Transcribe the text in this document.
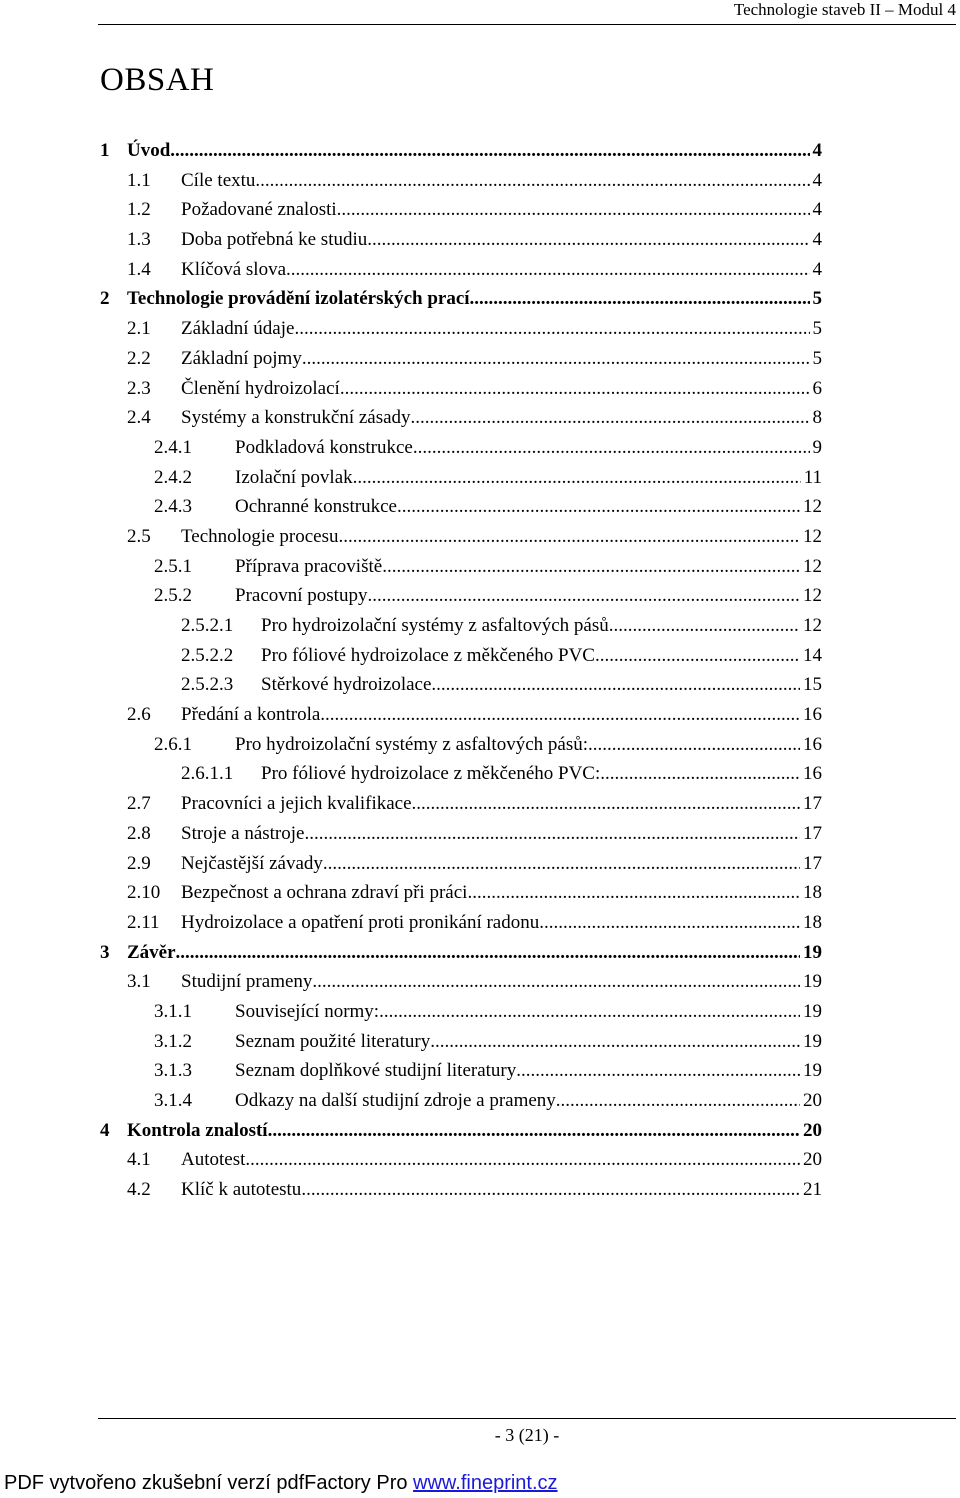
Technologie staveb II – Modul 4
OBSAH
1 Úvod .....	4
1.1 Cíle textu .....	4
1.2 Požadované znalosti .....	4
1.3 Doba potřebná ke studiu .....	4
1.4 Klíčová slova .....	4
2 Technologie provádění izolatérských prací .....	5
2.1 Základní údaje .....	5
2.2 Základní pojmy .....	5
2.3 Členění hydroizolací .....	6
2.4 Systémy a konstrukční zásady .....	8
2.4.1 Podkladová konstrukce .....	9
2.4.2 Izolační povlak .....	11
2.4.3 Ochranné konstrukce .....	12
2.5 Technologie procesu .....	12
2.5.1 Příprava pracoviště .....	12
2.5.2 Pracovní postupy .....	12
2.5.2.1 Pro hydroizolační systémy z asfaltových pásů .....	12
2.5.2.2 Pro fóliové hydroizolace z měkčeného PVC .....	14
2.5.2.3 Stěrkové hydroizolace .....	15
2.6 Předání a kontrola .....	16
2.6.1 Pro hydroizolační systémy z asfaltových pásů: .....	16
2.6.1.1 Pro fóliové hydroizolace z měkčeného PVC: .....	16
2.7 Pracovníci a jejich kvalifikace .....	17
2.8 Stroje a nástroje .....	17
2.9 Nejčastější závady .....	17
2.10 Bezpečnost a ochrana zdraví při práci .....	18
2.11 Hydroizolace a opatření proti pronikání radonu .....	18
3 Závěr .....	19
3.1 Studijní prameny .....	19
3.1.1 Související normy: .....	19
3.1.2 Seznam použité literatury .....	19
3.1.3 Seznam doplňkové studijní literatury .....	19
3.1.4 Odkazy na další studijní zdroje a prameny .....	20
4 Kontrola znalostí .....	20
4.1 Autotest .....	20
4.2 Klíč k autotestu .....	21
- 3 (21) -
PDF vytvořeno zkušební verzí pdfFactory Pro www.fineprint.cz
